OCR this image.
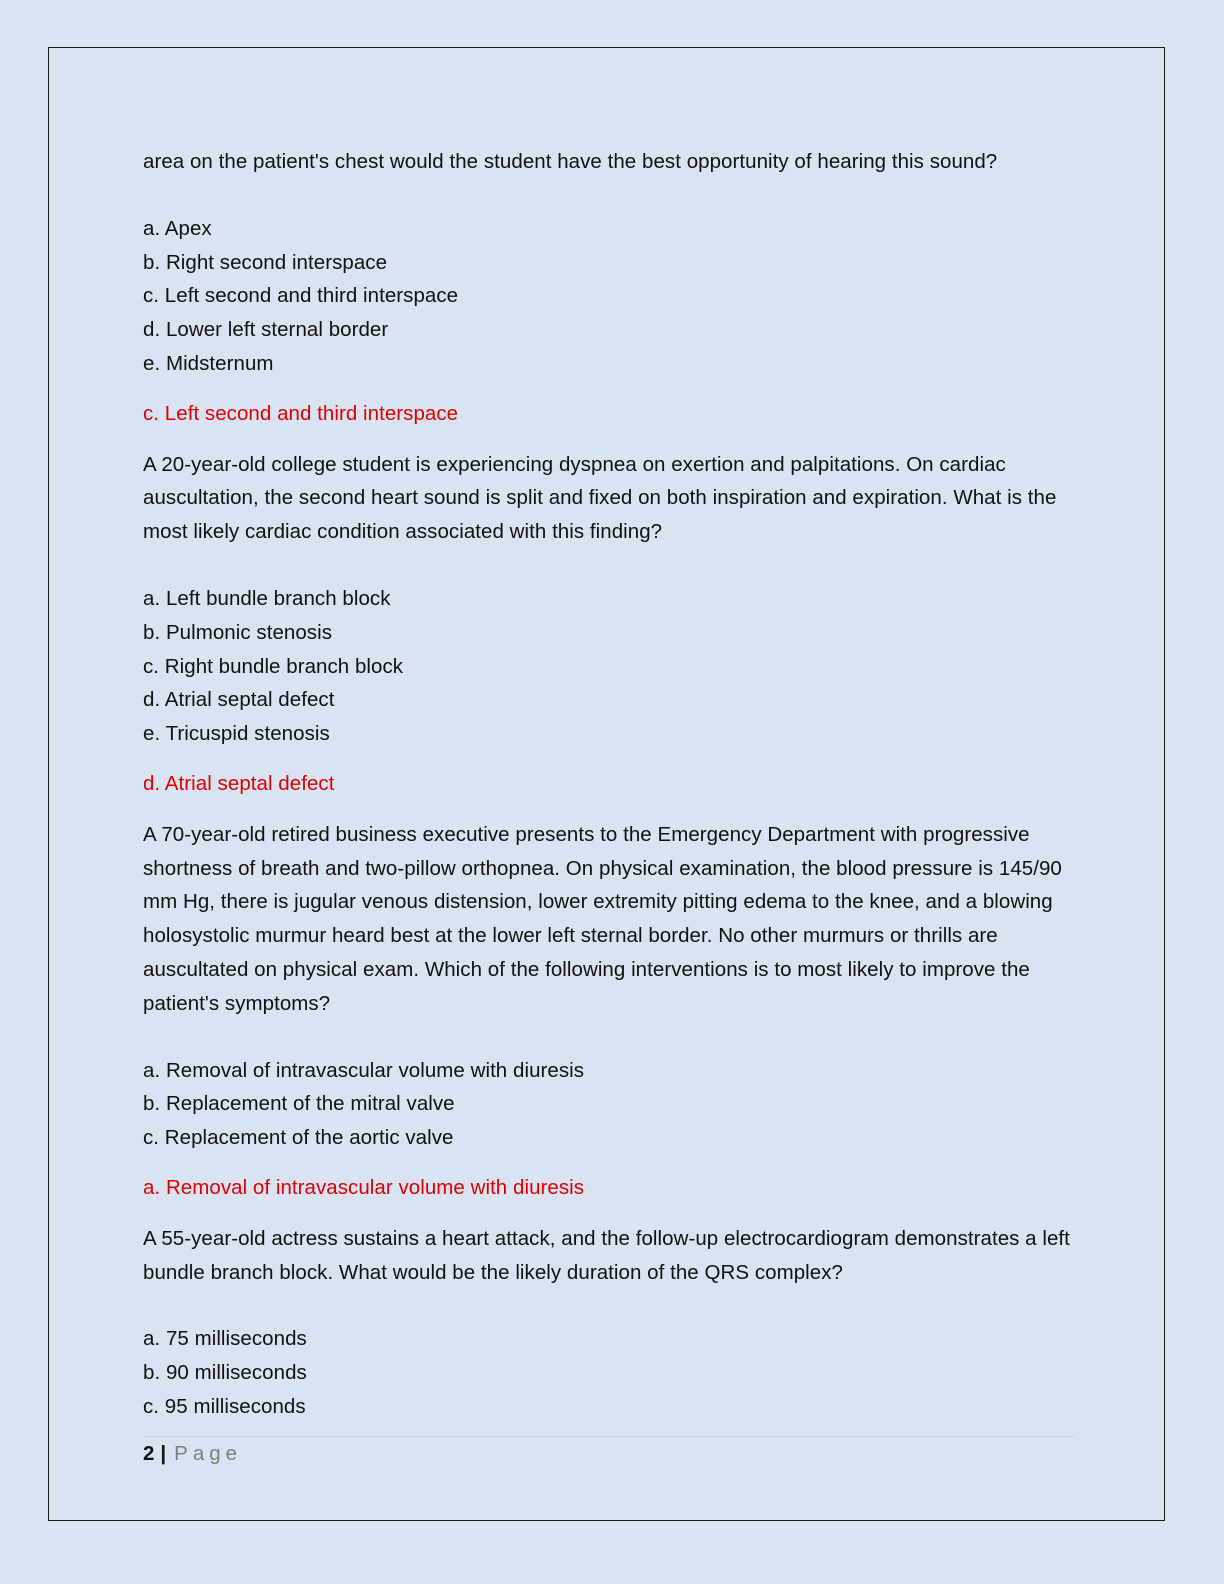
area on the patient's chest would the student have the best opportunity of hearing this sound?

a. Apex
b. Right second interspace
c. Left second and third interspace
d. Lower left sternal border
e. Midsternum

c. Left second and third interspace

A 20-year-old college student is experiencing dyspnea on exertion and palpitations. On cardiac auscultation, the second heart sound is split and fixed on both inspiration and expiration. What is the most likely cardiac condition associated with this finding?

a. Left bundle branch block
b. Pulmonic stenosis
c. Right bundle branch block
d. Atrial septal defect
e. Tricuspid stenosis

d. Atrial septal defect

A 70-year-old retired business executive presents to the Emergency Department with progressive shortness of breath and two-pillow orthopnea. On physical examination, the blood pressure is 145/90 mm Hg, there is jugular venous distension, lower extremity pitting edema to the knee, and a blowing holosystolic murmur heard best at the lower left sternal border. No other murmurs or thrills are auscultated on physical exam. Which of the following interventions is to most likely to improve the patient's symptoms?

a. Removal of intravascular volume with diuresis
b. Replacement of the mitral valve
c. Replacement of the aortic valve

a. Removal of intravascular volume with diuresis

A 55-year-old actress sustains a heart attack, and the follow-up electrocardiogram demonstrates a left bundle branch block. What would be the likely duration of the QRS complex?

a. 75 milliseconds
b. 90 milliseconds
c. 95 milliseconds
2 | Page
